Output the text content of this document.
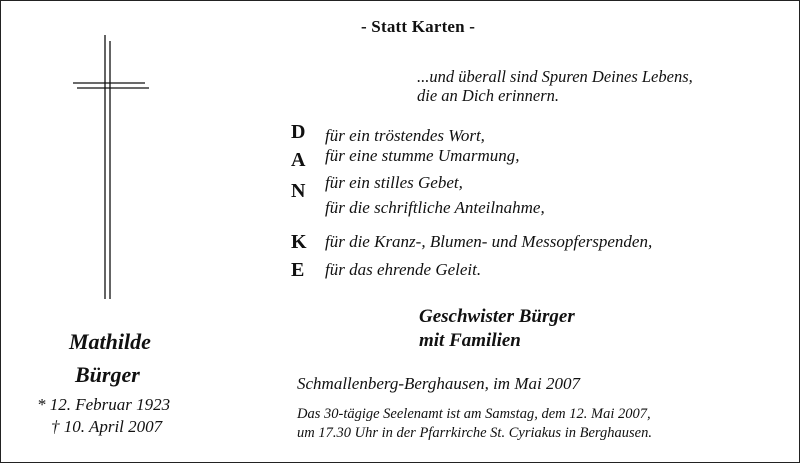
- Statt Karten -
...und überall sind Spuren Deines Lebens,
die an Dich erinnern.
D	für ein tröstendes Wort,
A	für eine stumme Umarmung,
N	für ein stilles Gebet,
für die schriftliche Anteilnahme,
K	für die Kranz-, Blumen- und Messopferspenden,
E	für das ehrende Geleit.
Geschwister Bürger
mit Familien
Mathilde
Bürger
* 12. Februar 1923
† 10. April 2007
Schmallenberg-Berghausen, im Mai 2007
Das 30-tägige Seelenamt ist am Samstag, dem 12. Mai 2007,
um 17.30 Uhr in der Pfarrkirche St. Cyriakus in Berghausen.
